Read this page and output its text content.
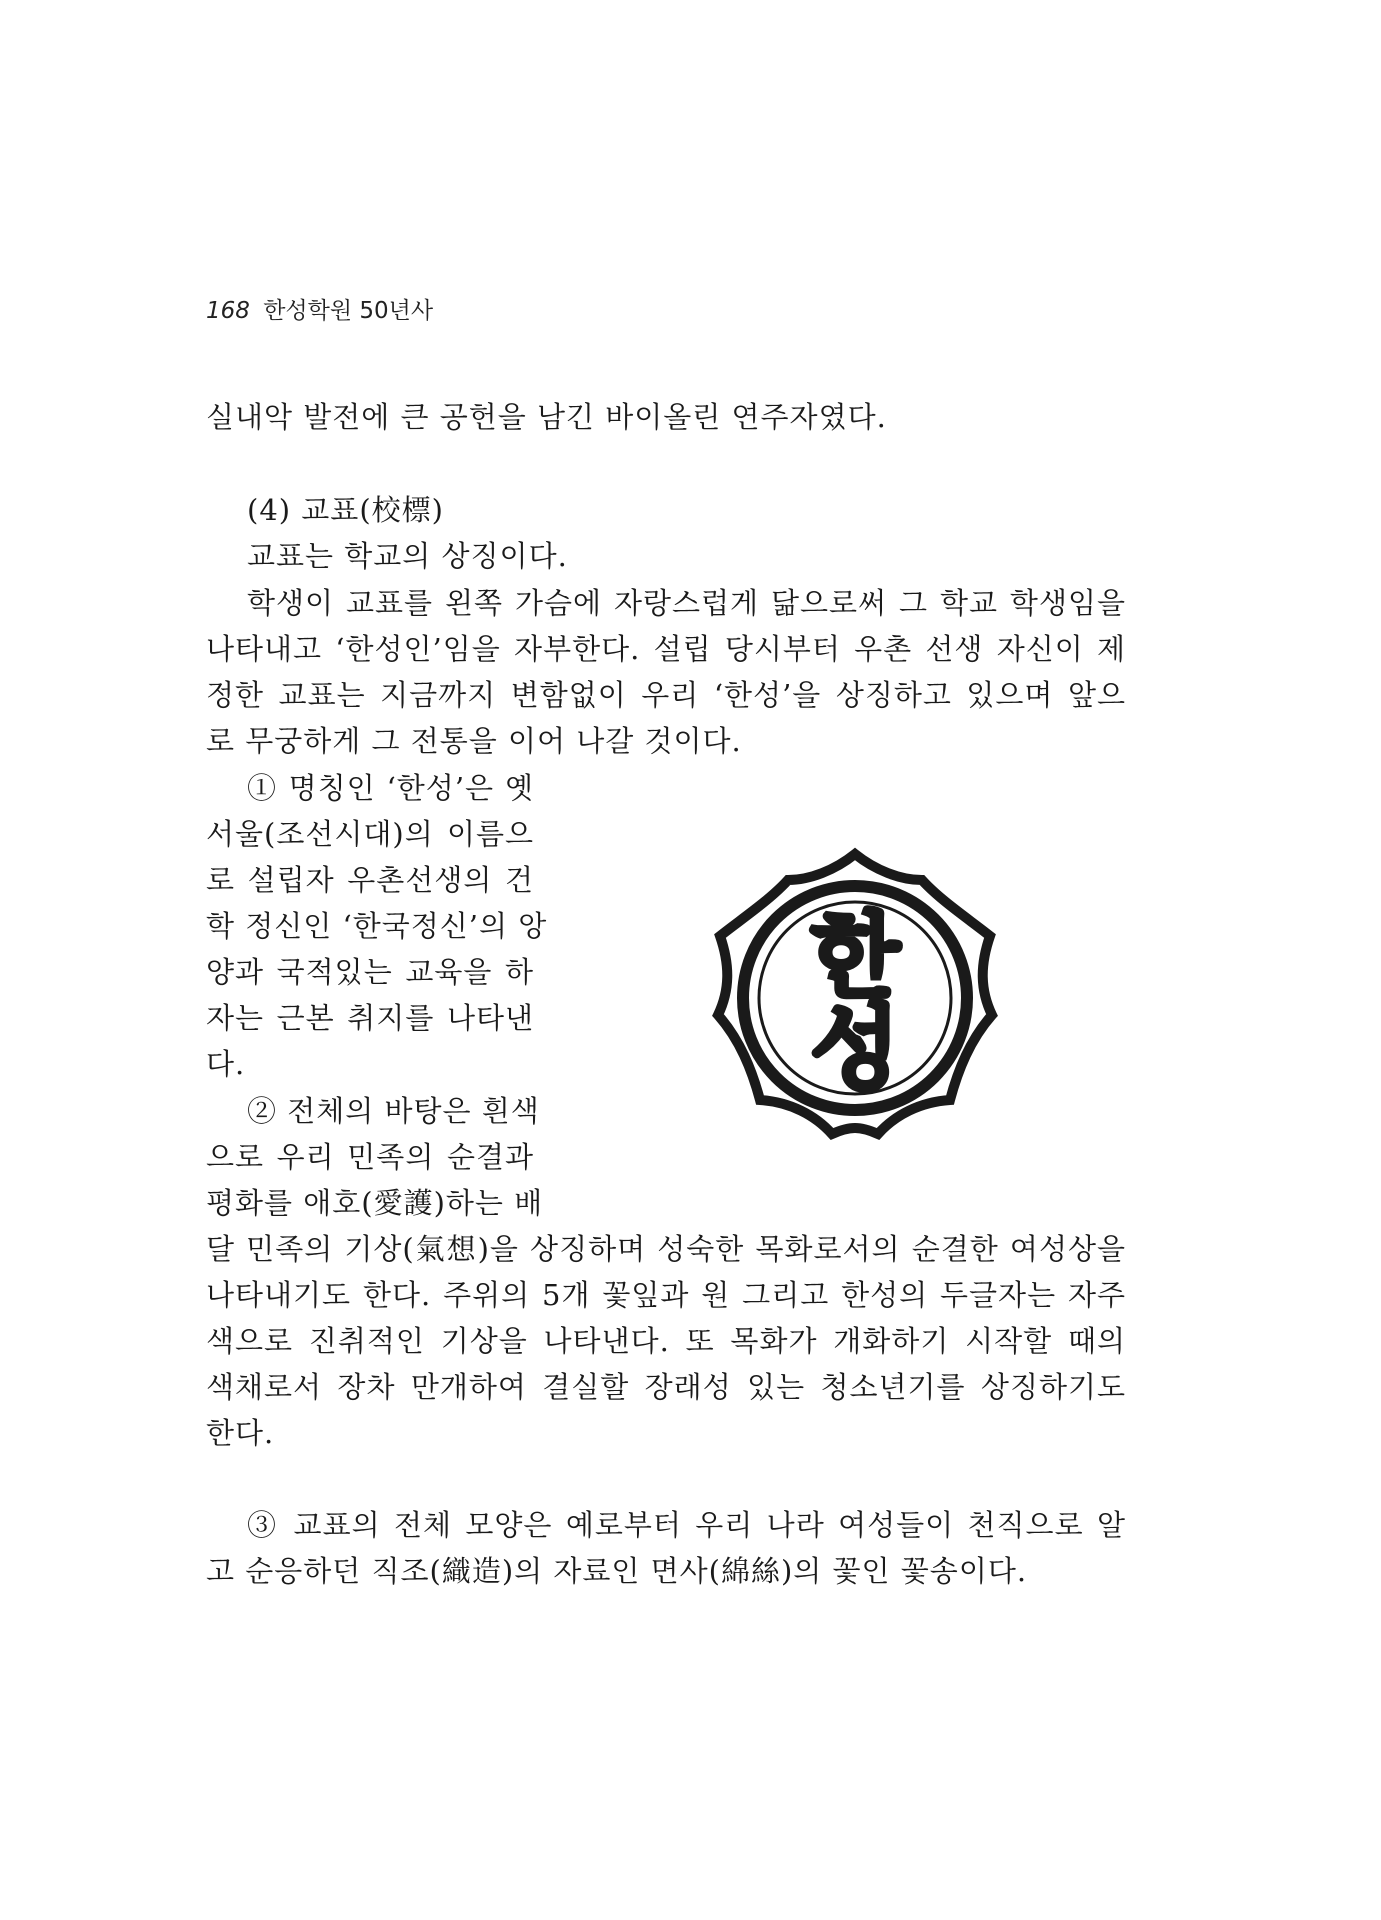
168 한성학원 50년사
실내악 발전에 큰 공헌을 남긴 바이올린 연주자였다.
(4) 교표(校標)
교표는 학교의 상징이다.
학생이 교표를 왼쪽 가슴에 자랑스럽게 닮으로써 그 학교 학생임을
나타내고 ‘한성인’임을 자부한다. 설립 당시부터 우촌 선생 자신이 제
정한 교표는 지금까지 변함없이 우리 ‘한성’을 상징하고 있으며 앞으
로 무궁하게 그 전통을 이어 나갈 것이다.
① 명칭인 ‘한성’은 옛
서울(조선시대)의 이름으
로 설립자 우촌선생의 건
학 정신인 ‘한국정신’의 앙
양과 국적있는 교육을 하
자는 근본 취지를 나타낸
다.
② 전체의 바탕은 흰색
으로 우리 민족의 순결과
평화를 애호(愛護)하는 배
달 민족의 기상(氣想)을 상징하며 성숙한 목화로서의 순결한 여성상을
나타내기도 한다. 주위의 5개 꽃잎과 원 그리고 한성의 두글자는 자주
색으로 진취적인 기상을 나타낸다. 또 목화가 개화하기 시작할 때의
색채로서 장차 만개하여 결실할 장래성 있는 청소년기를 상징하기도
한다.
③ 교표의 전체 모양은 예로부터 우리 나라 여성들이 천직으로 알
고 순응하던 직조(織造)의 자료인 면사(綿絲)의 꽃인 꽃송이다.
한
성
